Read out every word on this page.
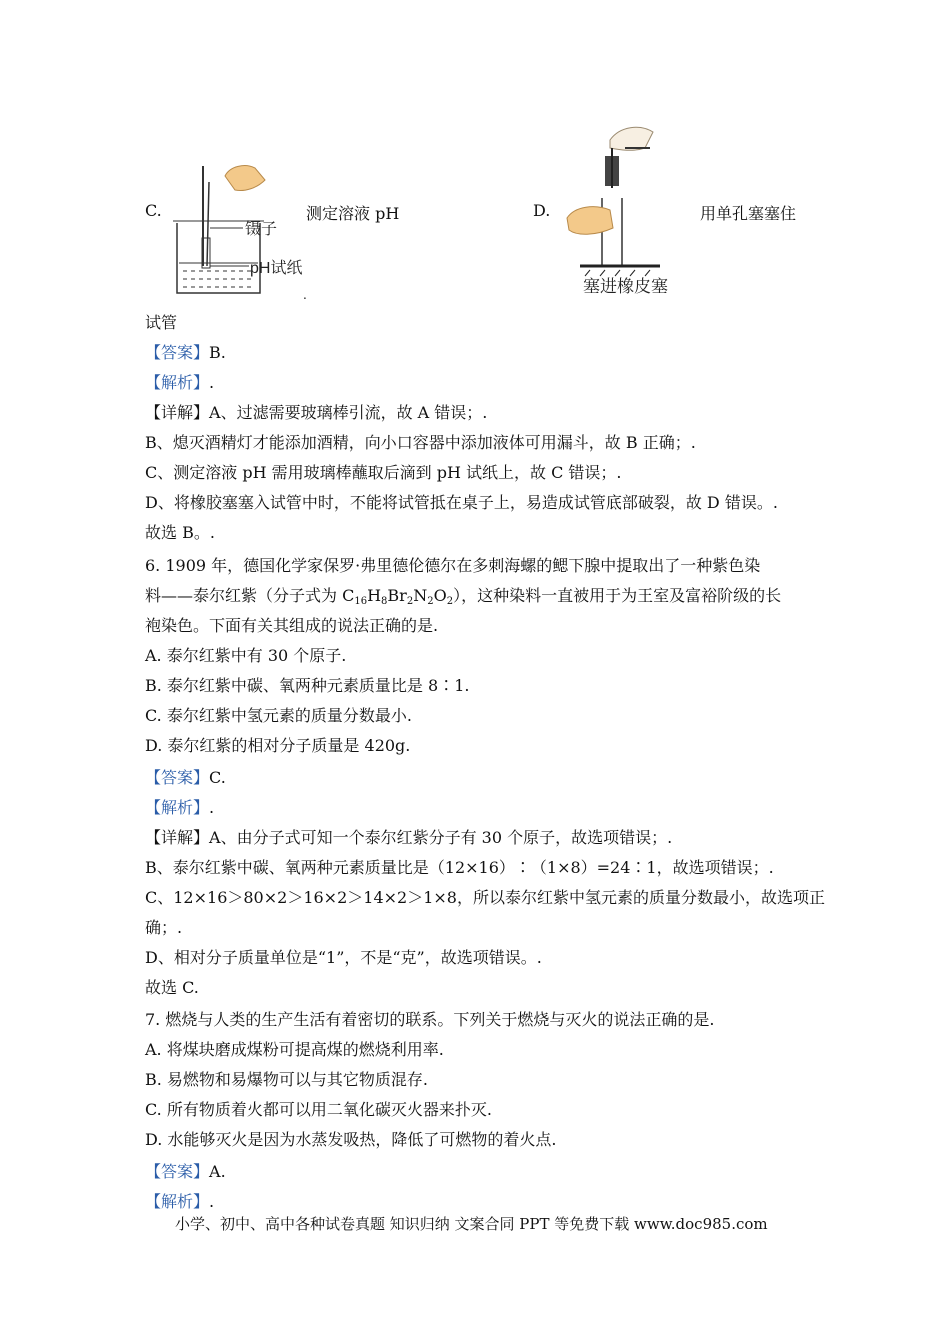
C.
镊子
pH试纸
测定溶液 pH
.
D.
塞进橡皮塞
用单孔塞塞住
试管
【答案】B.
【解析】.
【详解】A、过滤需要玻璃棒引流，故 A 错误；.
B、熄灭酒精灯才能添加酒精，向小口容器中添加液体可用漏斗，故 B 正确；.
C、测定溶液 pH 需用玻璃棒蘸取后滴到 pH 试纸上，故 C 错误；.
D、将橡胶塞塞入试管中时，不能将试管抵在桌子上，易造成试管底部破裂，故 D 错误。.
故选 B。.
6. 1909 年，德国化学家保罗·弗里德伦德尔在多刺海螺的鳃下腺中提取出了一种紫色染
料——泰尔红紫（分子式为 $C_{16}H_8Br_2N_2O_2$），这种染料一直被用于为王室及富裕阶级的长
袍染色。下面有关其组成的说法正确的是.
A. 泰尔红紫中有 30 个原子.
B. 泰尔红紫中碳、氧两种元素质量比是 8∶1.
C. 泰尔红紫中氢元素的质量分数最小.
D. 泰尔红紫的相对分子质量是 420g.
【答案】C.
【解析】.
【详解】A、由分子式可知一个泰尔红紫分子有 30 个原子，故选项错误；.
B、泰尔红紫中碳、氧两种元素质量比是（12×16）∶（1×8）=24∶1，故选项错误；.
C、12×16＞80×2＞16×2＞14×2＞1×8，所以泰尔红紫中氢元素的质量分数最小，故选项正
确；.
D、相对分子质量单位是“1”，不是“克”，故选项错误。.
故选 C.
7. 燃烧与人类的生产生活有着密切的联系。下列关于燃烧与灭火的说法正确的是.
A. 将煤块磨成煤粉可提高煤的燃烧利用率.
B. 易燃物和易爆物可以与其它物质混存.
C. 所有物质着火都可以用二氧化碳灭火器来扑灭.
D. 水能够灭火是因为水蒸发吸热，降低了可燃物的着火点.
【答案】A.
【解析】.
小学、初中、高中各种试卷真题 知识归纳 文案合同 PPT 等免费下载 www.doc985.com
